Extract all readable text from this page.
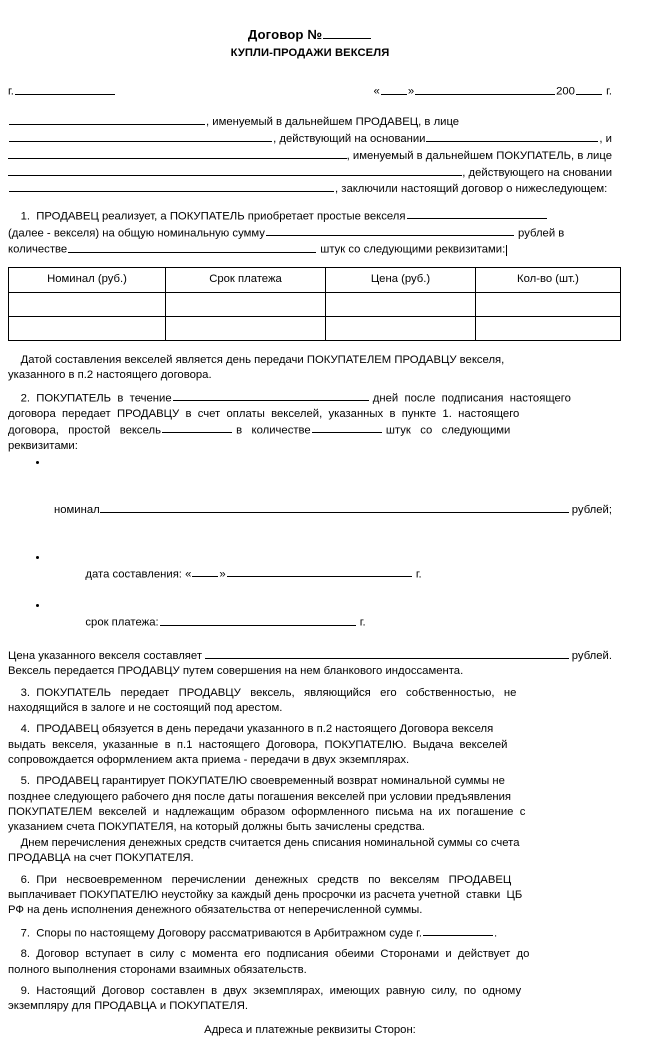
Договор №
КУПЛИ-ПРОДАЖИ ВЕКСЕЛЯ
г.	« »	200	г.
, именуемый в дальнейшем ПРОДАВЕЦ, в лице
, действующий на основании	, и
, именуемый в дальнейшем ПОКУПАТЕЛЬ, в лице
, действующего на сновании
, заключили настоящий договор о нижеследующем:
1. ПРОДАВЕЦ реализует, а ПОКУПАТЕЛЬ приобретает простые векселя
(далее - векселя) на общую номинальную сумму	рублей в
количестве	штук со следующими реквизитами:
Номинал (руб.)	Срок платежа	Цена (руб.)	Кол-во (шт.)

Датой составления векселей является день передачи ПОКУПАТЕЛЕМ ПРОДАВЦУ векселя,
указанного в п.2 настоящего договора.
2. ПОКУПАТЕЛЬ  в  течение	дней  после  подписания  настоящего
договора  передает  ПРОДАВЦУ  в  счет  оплаты  векселей,  указанных  в  пункте  1.  настоящего
договора,   простой   вексель	в   количестве	штук   со   следующими
реквизитами:

номинал	рублей;

дата составления: « »	г.

срок платежа:	г.

Цена указанного векселя составляет

	рублей.
Вексель передается ПРОДАВЦУ путем совершения на нем бланкового индоссамента.
3. ПОКУПАТЕЛЬ   передает   ПРОДАВЦУ   вексель,   являющийся   его   собственностью,   не
находящийся в залоге и не состоящий под арестом.
4. ПРОДАВЕЦ обязуется в день передачи указанного в п.2 настоящего Договора векселя
выдать  векселя,  указанные  в  п.1  настоящего  Договора,  ПОКУПАТЕЛЮ.  Выдача  векселей
сопровождается оформлением акта приема - передачи в двух экземплярах.
5. ПРОДАВЕЦ гарантирует ПОКУПАТЕЛЮ своевременный возврат номинальной суммы не
позднее следующего рабочего дня после даты погашения векселей при условии предъявления
ПОКУПАТЕЛЕМ  векселей  и  надлежащим  образом  оформленного  письма  на  их  погашение  с
указанием счета ПОКУПАТЕЛЯ, на который должны быть зачислены средства.
Днем перечисления денежных средств считается день списания номинальной суммы со счета
ПРОДАВЦА на счет ПОКУПАТЕЛЯ.
6. При   несвоевременном   перечислении   денежных   средств   по   векселям   ПРОДАВЕЦ
выплачивает ПОКУПАТЕЛЮ неустойку за каждый день просрочки из расчета учетной  ставки  ЦБ
РФ на день исполнения денежного обязательства от неперечисленной суммы.
7. Споры по настоящему Договору рассматриваются в Арбитражном суде г.	.
8. Договор  вступает  в  силу  с  момента  его  подписания  обеими  Сторонами  и  действует  до
полного выполнения сторонами взаимных обязательств.
9. Настоящий  Договор  составлен  в  двух  экземплярах,  имеющих  равную  силу,  по  одному
экземпляру для ПРОДАВЦА и ПОКУПАТЕЛЯ.
Адреса и платежные реквизиты Сторон:
